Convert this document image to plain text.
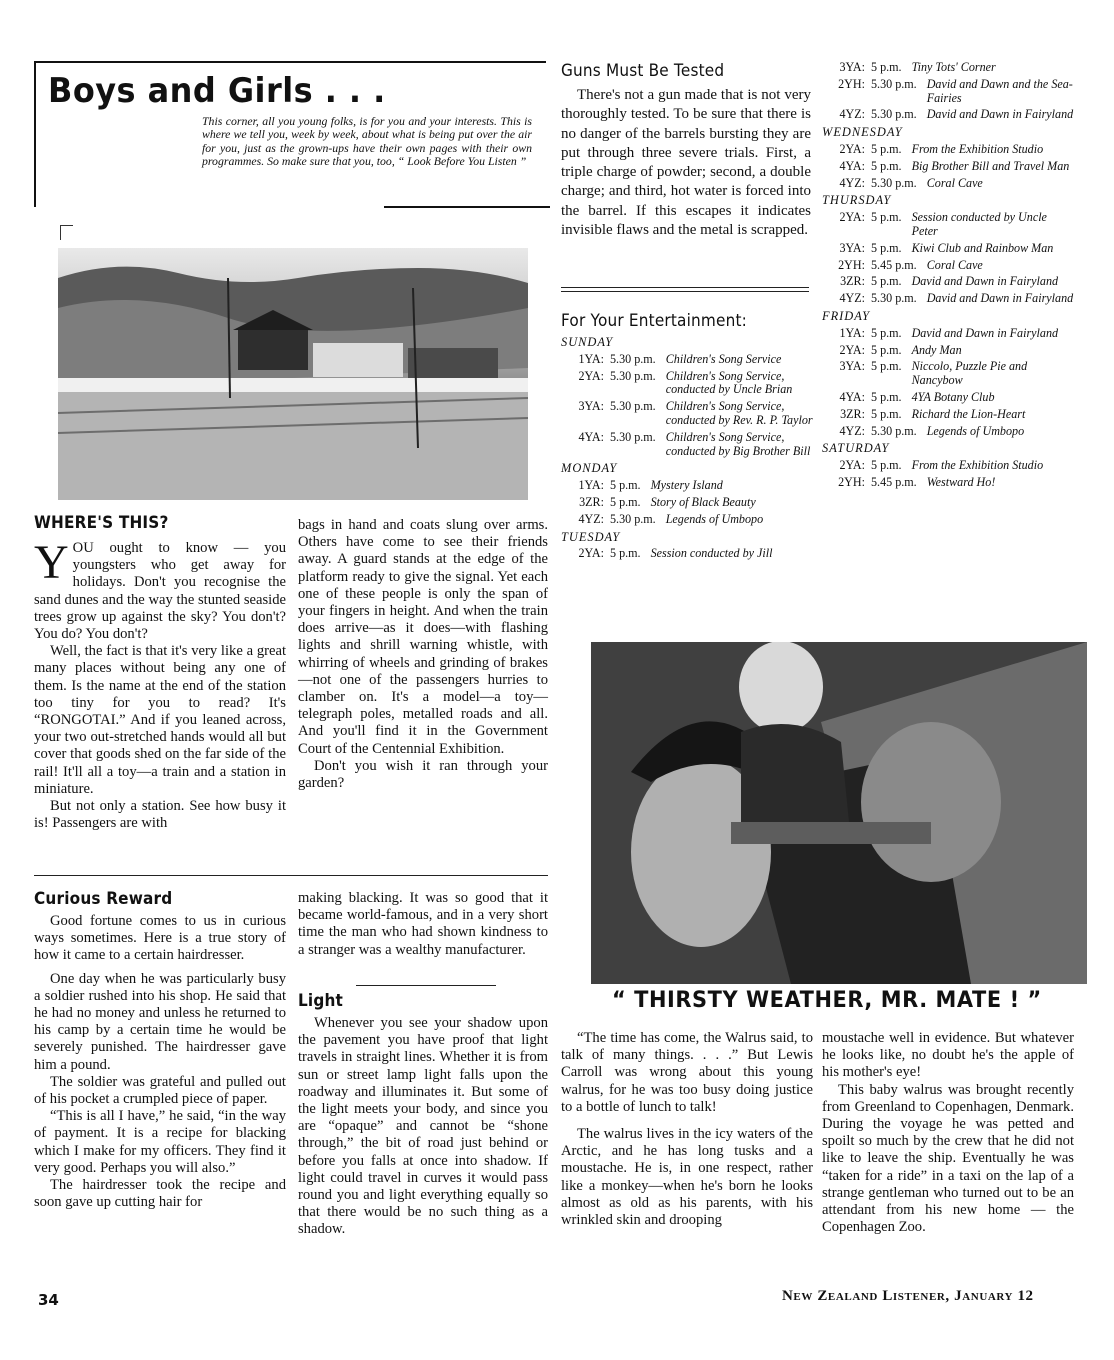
Boys and Girls . . .

This corner, all you young folks, is for you and your interests. This is where we tell you, week by week, about what is being put over the air for you, just as the grown-ups have their own pages with their own programmes. So make sure that you, too, “ Look Before You Listen ”

WHERE'S THIS?

YOU ought to know — you youngsters who get away for holidays. Don't you recognise the sand dunes and the way the stunted seaside trees grow up against the sky? You don't? You do? You don't?

Well, the fact is that it's very like a great many places without being any one of them. Is the name at the end of the station too tiny for you to read? It's “RONGOTAI.” And if you leaned across, your two out-stretched hands would all but cover that goods shed on the far side of the rail! It'll all a toy—a train and a station in miniature.

But not only a station. See how busy it is! Passengers are with

bags in hand and coats slung over arms. Others have come to see their friends away. A guard stands at the edge of the platform ready to give the signal. Yet each one of these people is only the span of your fingers in height. And when the train does arrive—as it does—with flashing lights and shrill warning whistle, with whirring of wheels and grinding of brakes—not one of the passengers hurries to clamber on. It's a model—a toy—telegraph poles, metalled roads and all. And you'll find it in the Government Court of the Centennial Exhibition.

Don't you wish it ran through your garden?

Curious Reward

Good fortune comes to us in curious ways sometimes. Here is a true story of how it came to a certain hairdresser.

One day when he was particularly busy a soldier rushed into his shop. He said that he had no money and unless he returned to his camp by a certain time he would be severely punished. The hairdresser gave him a pound.

The soldier was grateful and pulled out of his pocket a crumpled piece of paper.

“This is all I have,” he said, “in the way of payment. It is a recipe for blacking which I make for my officers. They find it very good. Perhaps you will also.”

The hairdresser took the recipe and soon gave up cutting hair for

making blacking. It was so good that it became world-famous, and in a very short time the man who had shown kindness to a stranger was a wealthy manufacturer.

Light

Whenever you see your shadow upon the pavement you have proof that light travels in straight lines. Whether it is from sun or street lamp light falls upon the roadway and illuminates it. But some of the light meets your body, and since you are “opaque” and cannot be “shone through,” the bit of road just behind or before you falls at once into shadow. If light could travel in curves it would pass round you and light everything equally so that there would be no such thing as a shadow.

Guns Must Be Tested

There's not a gun made that is not very thoroughly tested. To be sure that there is no danger of the barrels bursting they are put through three severe trials. First, a triple charge of powder; second, a double charge; and third, hot water is forced into the barrel. If this escapes it indicates invisible flaws and the metal is scrapped.

For Your Entertainment:

SUNDAY

1YA: 5.30 p.m. Children's Song Service
2YA: 5.30 p.m. Children's Song Service, conducted by Uncle Brian
3YA: 5.30 p.m. Children's Song Service, conducted by Rev. R. P. Taylor
4YA: 5.30 p.m. Children's Song Service, conducted by Big Brother Bill

MONDAY

1YA: 5 p.m. Mystery Island
3ZR: 5 p.m. Story of Black Beauty
4YZ: 5.30 p.m. Legends of Umbopo

TUESDAY

2YA: 5 p.m. Session conducted by Jill
3YA: 5 p.m. Tiny Tots' Corner
2YH: 5.30 p.m. David and Dawn and the Sea-Fairies
4YZ: 5.30 p.m. David and Dawn in Fairyland

WEDNESDAY

2YA: 5 p.m. From the Exhibition Studio
4YA: 5 p.m. Big Brother Bill and Travel Man
4YZ: 5.30 p.m. Coral Cave

THURSDAY

2YA: 5 p.m. Session conducted by Uncle Peter
3YA: 5 p.m. Kiwi Club and Rainbow Man
2YH: 5.45 p.m. Coral Cave
3ZR: 5 p.m. David and Dawn in Fairyland
4YZ: 5.30 p.m. David and Dawn in Fairyland

FRIDAY

1YA: 5 p.m. David and Dawn in Fairyland
2YA: 5 p.m. Andy Man
3YA: 5 p.m. Niccolo, Puzzle Pie and Nancybow
4YA: 5 p.m. 4YA Botany Club
3ZR: 5 p.m. Richard the Lion-Heart
4YZ: 5.30 p.m. Legends of Umbopo

SATURDAY

2YA: 5 p.m. From the Exhibition Studio
2YH: 5.45 p.m. Westward Ho!
“ THIRSTY WEATHER, MR. MATE ! ”

“The time has come, the Walrus said, to talk of many things. . . .” But Lewis Carroll was wrong about this young walrus, for he was too busy doing justice to a bottle of lunch to talk!

The walrus lives in the icy waters of the Arctic, and he has long tusks and a moustache. He is, in one respect, rather like a monkey—when he's born he looks almost as old as his parents, with his wrinkled skin and drooping

moustache well in evidence. But whatever he looks like, no doubt he's the apple of his mother's eye!

This baby walrus was brought recently from Greenland to Copenhagen, Denmark. During the voyage he was petted and spoilt so much by the crew that he did not like to leave the ship. Eventually he was “taken for a ride” in a taxi on the lap of a strange gentleman who turned out to be an attendant from his new home — the Copenhagen Zoo.

34	New Zealand Listener, January 12
